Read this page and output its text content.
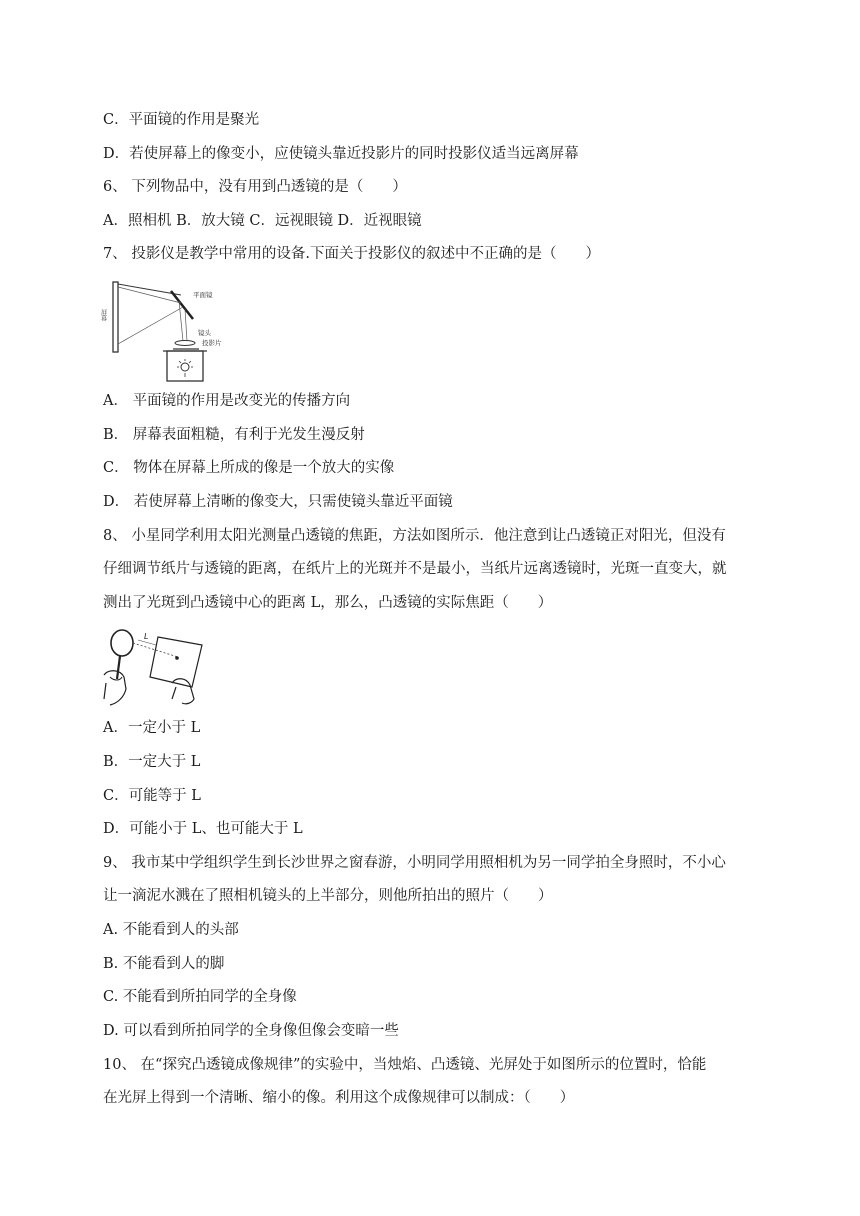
C．平面镜的作用是聚光
D．若使屏幕上的像变小，应使镜头靠近投影片的同时投影仪适当远离屏幕
6、 下列物品中，没有用到凸透镜的是（　　）
A．照相机 B．放大镜 C．远视眼镜 D．近视眼镜
7、 投影仪是教学中常用的设备.下面关于投影仪的叙述中不正确的是（　　）
屏幕
平面镜
镜头
投影片
A． 平面镜的作用是改变光的传播方向
B． 屏幕表面粗糙，有利于光发生漫反射
C． 物体在屏幕上所成的像是一个放大的实像
D． 若使屏幕上清晰的像变大，只需使镜头靠近平面镜
8、 小星同学利用太阳光测量凸透镜的焦距，方法如图所示．他注意到让凸透镜正对阳光，但没有
仔细调节纸片与透镜的距离，在纸片上的光斑并不是最小，当纸片远离透镜时，光斑一直变大，就
测出了光斑到凸透镜中心的距离 L，那么，凸透镜的实际焦距（　　）
L
A．一定小于 L
B．一定大于 L
C．可能等于 L
D．可能小于 L、也可能大于 L
9、 我市某中学组织学生到长沙世界之窗春游，小明同学用照相机为另一同学拍全身照时，不小心
让一滴泥水溅在了照相机镜头的上半部分，则他所拍出的照片（　　）
A. 不能看到人的头部
B. 不能看到人的脚
C. 不能看到所拍同学的全身像
D. 可以看到所拍同学的全身像但像会变暗一些
10、 在“探究凸透镜成像规律”的实验中，当烛焰、凸透镜、光屏处于如图所示的位置时，恰能
在光屏上得到一个清晰、缩小的像。利用这个成像规律可以制成：（　　）
